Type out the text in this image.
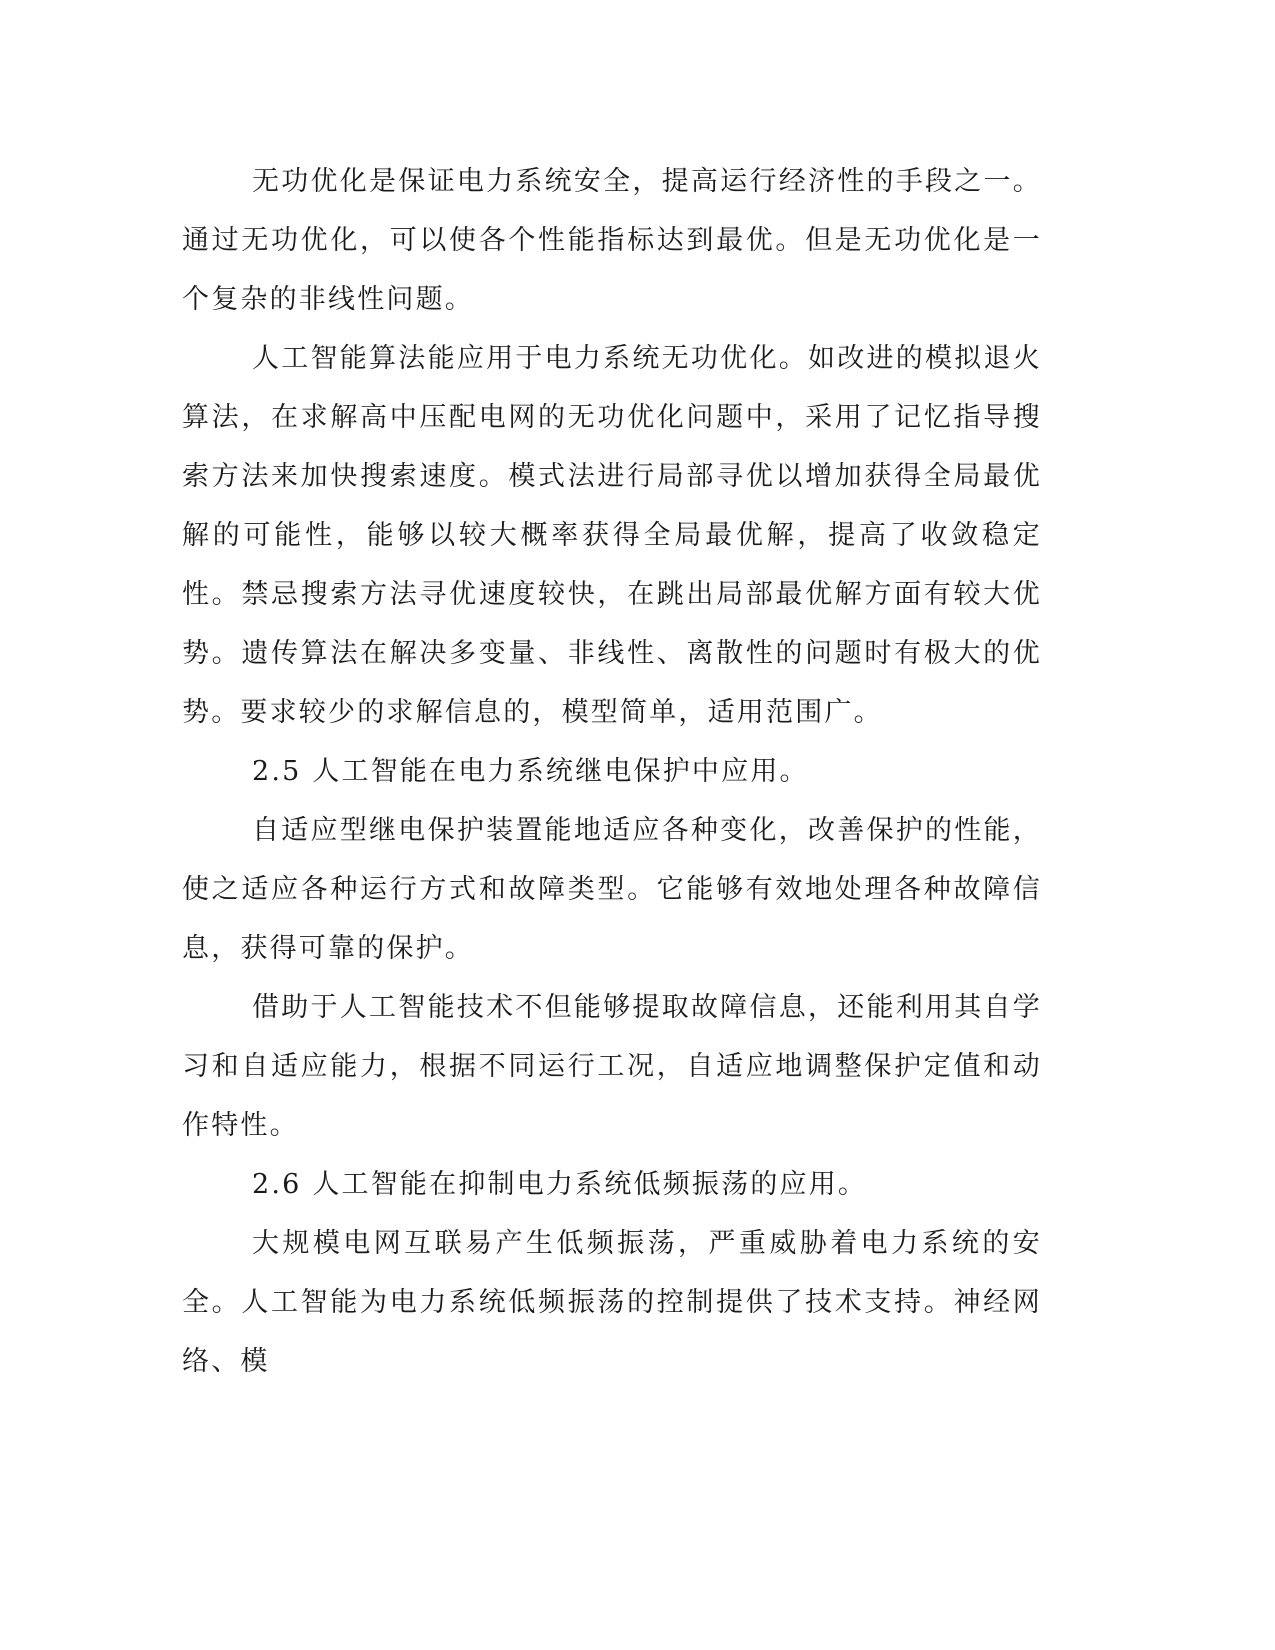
无功优化是保证电力系统安全，提高运行经济性的手段之一。通过无功优化，可以使各个性能指标达到最优。但是无功优化是一个复杂的非线性问题。

人工智能算法能应用于电力系统无功优化。如改进的模拟退火算法，在求解高中压配电网的无功优化问题中，采用了记忆指导搜索方法来加快搜索速度。模式法进行局部寻优以增加获得全局最优解的可能性，能够以较大概率获得全局最优解，提高了收敛稳定性。禁忌搜索方法寻优速度较快，在跳出局部最优解方面有较大优势。遗传算法在解决多变量、非线性、离散性的问题时有极大的优势。要求较少的求解信息的，模型简单，适用范围广。

2.5 人工智能在电力系统继电保护中应用。

自适应型继电保护装置能地适应各种变化，改善保护的性能，使之适应各种运行方式和故障类型。它能够有效地处理各种故障信息，获得可靠的保护。

借助于人工智能技术不但能够提取故障信息，还能利用其自学习和自适应能力，根据不同运行工况，自适应地调整保护定值和动作特性。

2.6 人工智能在抑制电力系统低频振荡的应用。

大规模电网互联易产生低频振荡，严重威胁着电力系统的安全。人工智能为电力系统低频振荡的控制提供了技术支持。神经网络、模
